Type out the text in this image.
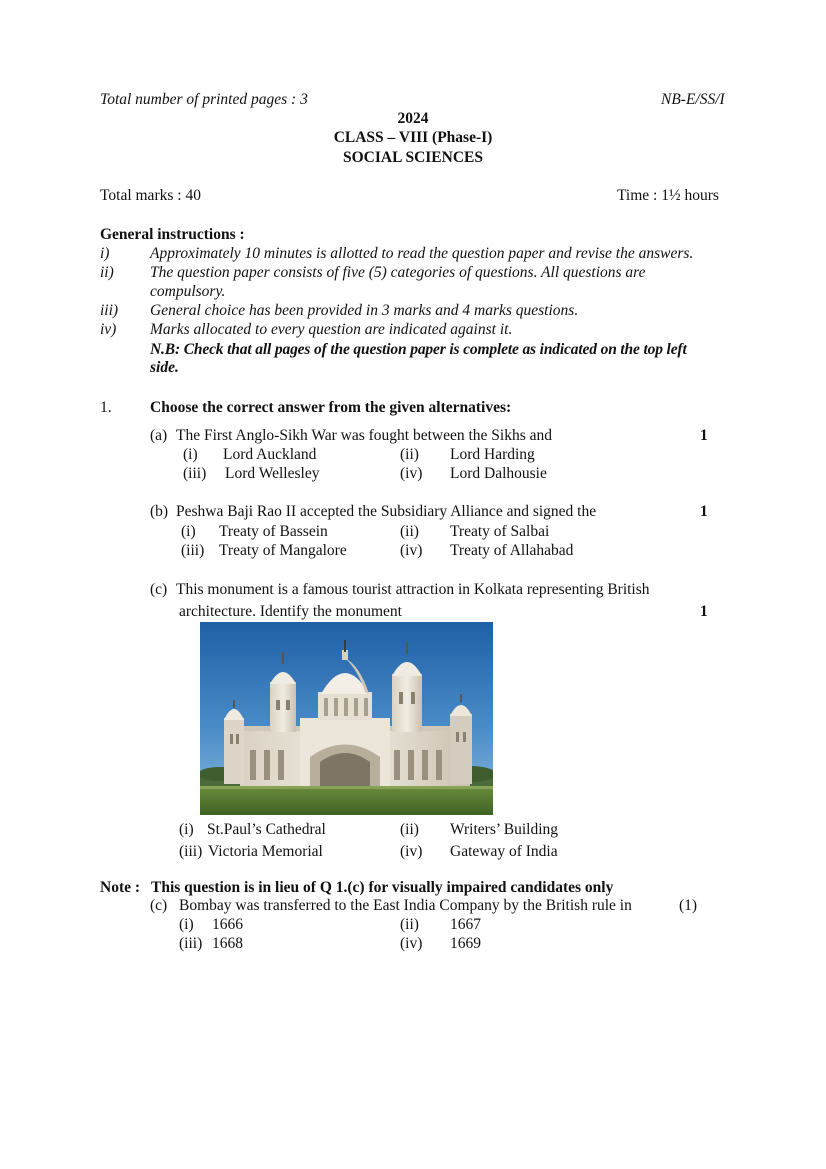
Total number of printed pages : 3	NB-E/SS/I
2024
CLASS – VIII (Phase-I)
SOCIAL SCIENCES
Total marks : 40	Time : 1½ hours
General instructions :
i)	Approximately 10 minutes is allotted to read the question paper and revise the answers.
ii) The question paper consists of five (5) categories of questions. All questions are
compulsory.
iii) General choice has been provided in 3 marks and 4 marks questions.
iv) Marks allocated to every question are indicated against it.
N.B: Check that all pages of the question paper is complete as indicated on the top left
side.
1. Choose the correct answer from the given alternatives:
(a) The First Anglo-Sikh War was fought between the Sikhs and	1
(i) Lord Auckland	(ii) Lord Harding
(iii) Lord Wellesley	(iv) Lord Dalhousie
(b) Peshwa Baji Rao II accepted the Subsidiary Alliance and signed the	1
(i) Treaty of Bassein	(ii) Treaty of Salbai
(iii) Treaty of Mangalore	(iv) Treaty of Allahabad
(c) This monument is a famous tourist attraction in Kolkata representing British
architecture. Identify the monument	1
(i) St.Paul’s Cathedral	(ii) Writers’ Building
(iii) Victoria Memorial	(iv) Gateway of India
Note : This question is in lieu of Q 1.(c) for visually impaired candidates only
(c) Bombay was transferred to the East India Company by the British rule in	(1)
(i) 1666	(ii) 1667
(iii) 1668	(iv) 1669
